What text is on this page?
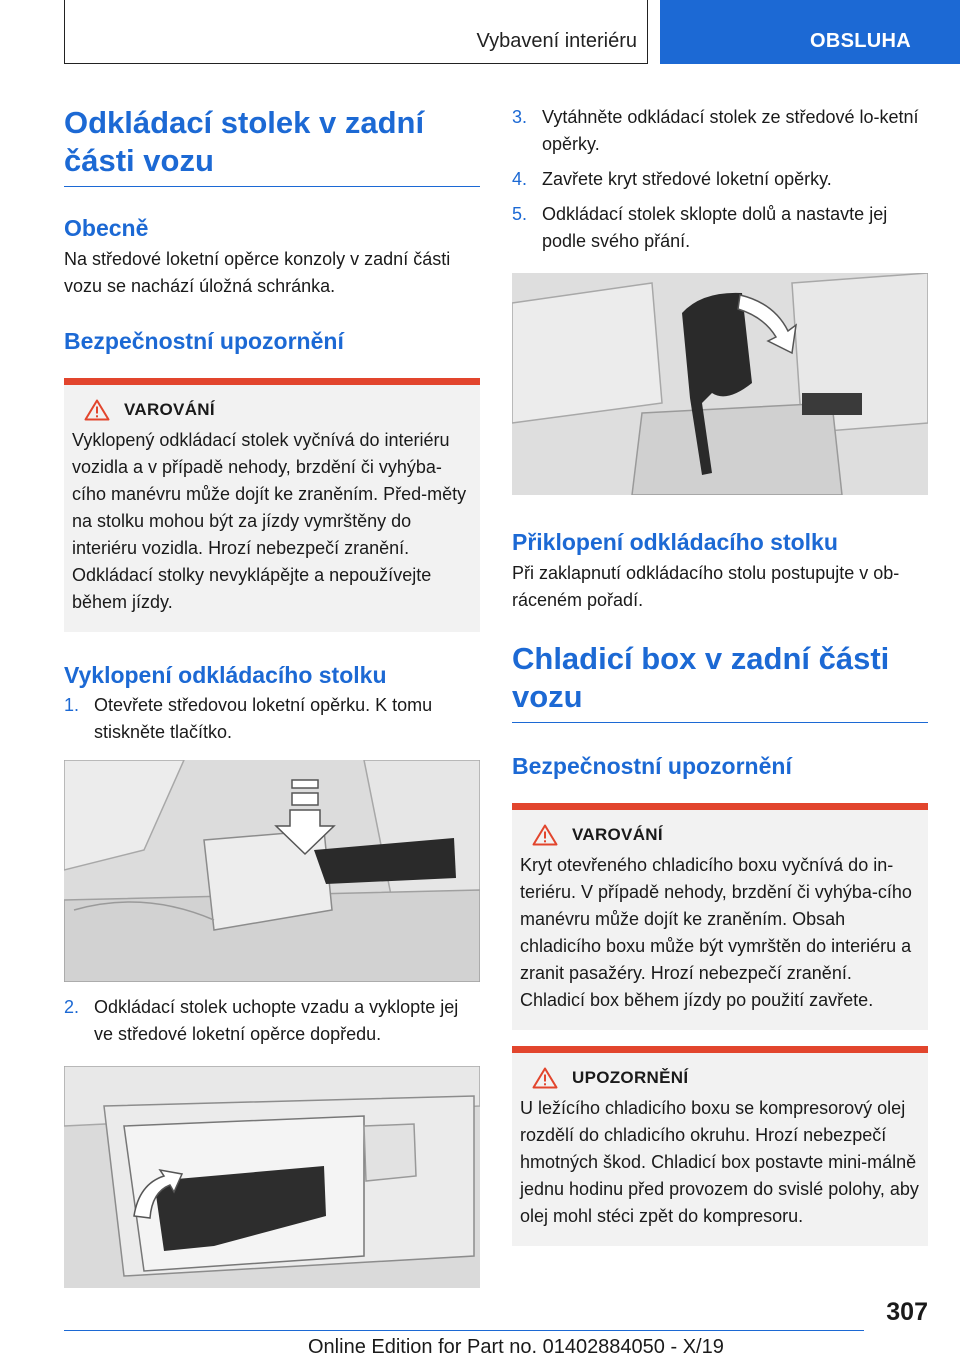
Vybavení interiéru	OBSLUHA
Odkládací stolek v zadní části vozu
Obecně

Na středové loketní opěrce konzoly v zadní části vozu se nachází úložná schránka.

Bezpečnostní upozornění
VAROVÁNÍ
Vyklopený odkládací stolek vyčnívá do interiéru vozidla a v případě nehody, brzdění či vyhýba-cího manévru může dojít ke zraněním. Před-měty na stolku mohou být za jízdy vymrštěny do interiéru vozidla. Hrozí nebezpečí zranění. Odkládací stolky nevyklápějte a nepoužívejte během jízdy.
Vyklopení odkládacího stolku
1. Otevřete středovou loketní opěrku. K tomu stiskněte tlačítko.
2. Odkládací stolek uchopte vzadu a vyklopte jej ve středové loketní opěrce dopředu.
3. Vytáhněte odkládací stolek ze středové lo-ketní opěrky.
4. Zavřete kryt středové loketní opěrky.
5. Odkládací stolek sklopte dolů a nastavte jej podle svého přání.
Přiklopení odkládacího stolku

Při zaklapnutí odkládacího stolu postupujte v ob-ráceném pořadí.

Chladicí box v zadní části vozu
Bezpečnostní upozornění
VAROVÁNÍ
Kryt otevřeného chladicího boxu vyčnívá do in-teriéru. V případě nehody, brzdění či vyhýba-cího manévru může dojít ke zraněním. Obsah chladicího boxu může být vymrštěn do interiéru a zranit pasažéry. Hrozí nebezpečí zranění. Chladicí box během jízdy po použití zavřete.
UPOZORNĚNÍ
U ležícího chladicího boxu se kompresorový olej rozdělí do chladicího okruhu. Hrozí nebezpečí hmotných škod. Chladicí box postavte mini-málně jednu hodinu před provozem do svislé polohy, aby olej mohl stéci zpět do kompresoru.
307
Online Edition for Part no. 01402884050 - X/19
